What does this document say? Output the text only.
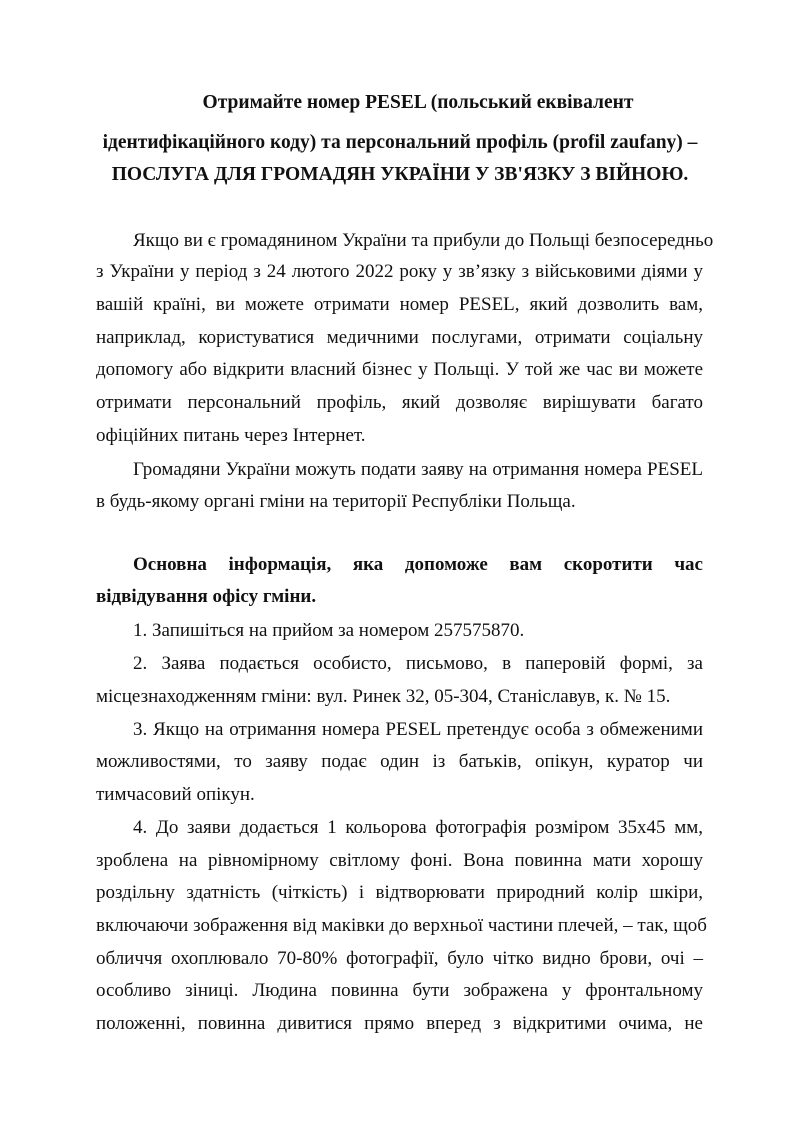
Отримайте номер PESEL (польський еквівалент
ідентифікаційного коду) та персональний профіль (profil zaufany) –
ПОСЛУГА ДЛЯ ГРОМАДЯН УКРАЇНИ У ЗВ'ЯЗКУ З ВІЙНОЮ.
Якщо ви є громадянином України та прибули до Польщі безпосередньо
з України у період з 24 лютого 2022 року у зв’язку з військовими діями у
вашій країні, ви можете отримати номер PESEL, який дозволить вам,
наприклад, користуватися медичними послугами, отримати соціальну
допомогу або відкрити власний бізнес у Польщі. У той же час ви можете
отримати персональний профіль, який дозволяє вирішувати багато
офіційних питань через Інтернет.
Громадяни України можуть подати заяву на отримання номера PESEL
в будь-якому органі гміни на території Республіки Польща.
Основна інформація, яка допоможе вам скоротити час
відвідування офісу гміни.
1. Запишіться на прийом за номером 257575870.
2. Заява подається особисто, письмово, в паперовій формі, за
місцезнаходженням гміни: вул. Ринек 32, 05-304, Станіславув, к. № 15.
3. Якщо на отримання номера PESEL претендує особа з обмеженими
можливостями, то заяву подає один із батьків, опікун, куратор чи
тимчасовий опікун.
4. До заяви додається 1 кольорова фотографія розміром 35х45 мм,
зроблена на рівномірному світлому фоні. Вона повинна мати хорошу
роздільну здатність (чіткість) і відтворювати природний колір шкіри,
включаючи зображення від маківки до верхньої частини плечей, – так, щоб
обличчя охоплювало 70-80% фотографії, було чітко видно брови, очі –
особливо зіниці. Людина повинна бути зображена у фронтальному
положенні, повинна дивитися прямо вперед з відкритими очима, не
